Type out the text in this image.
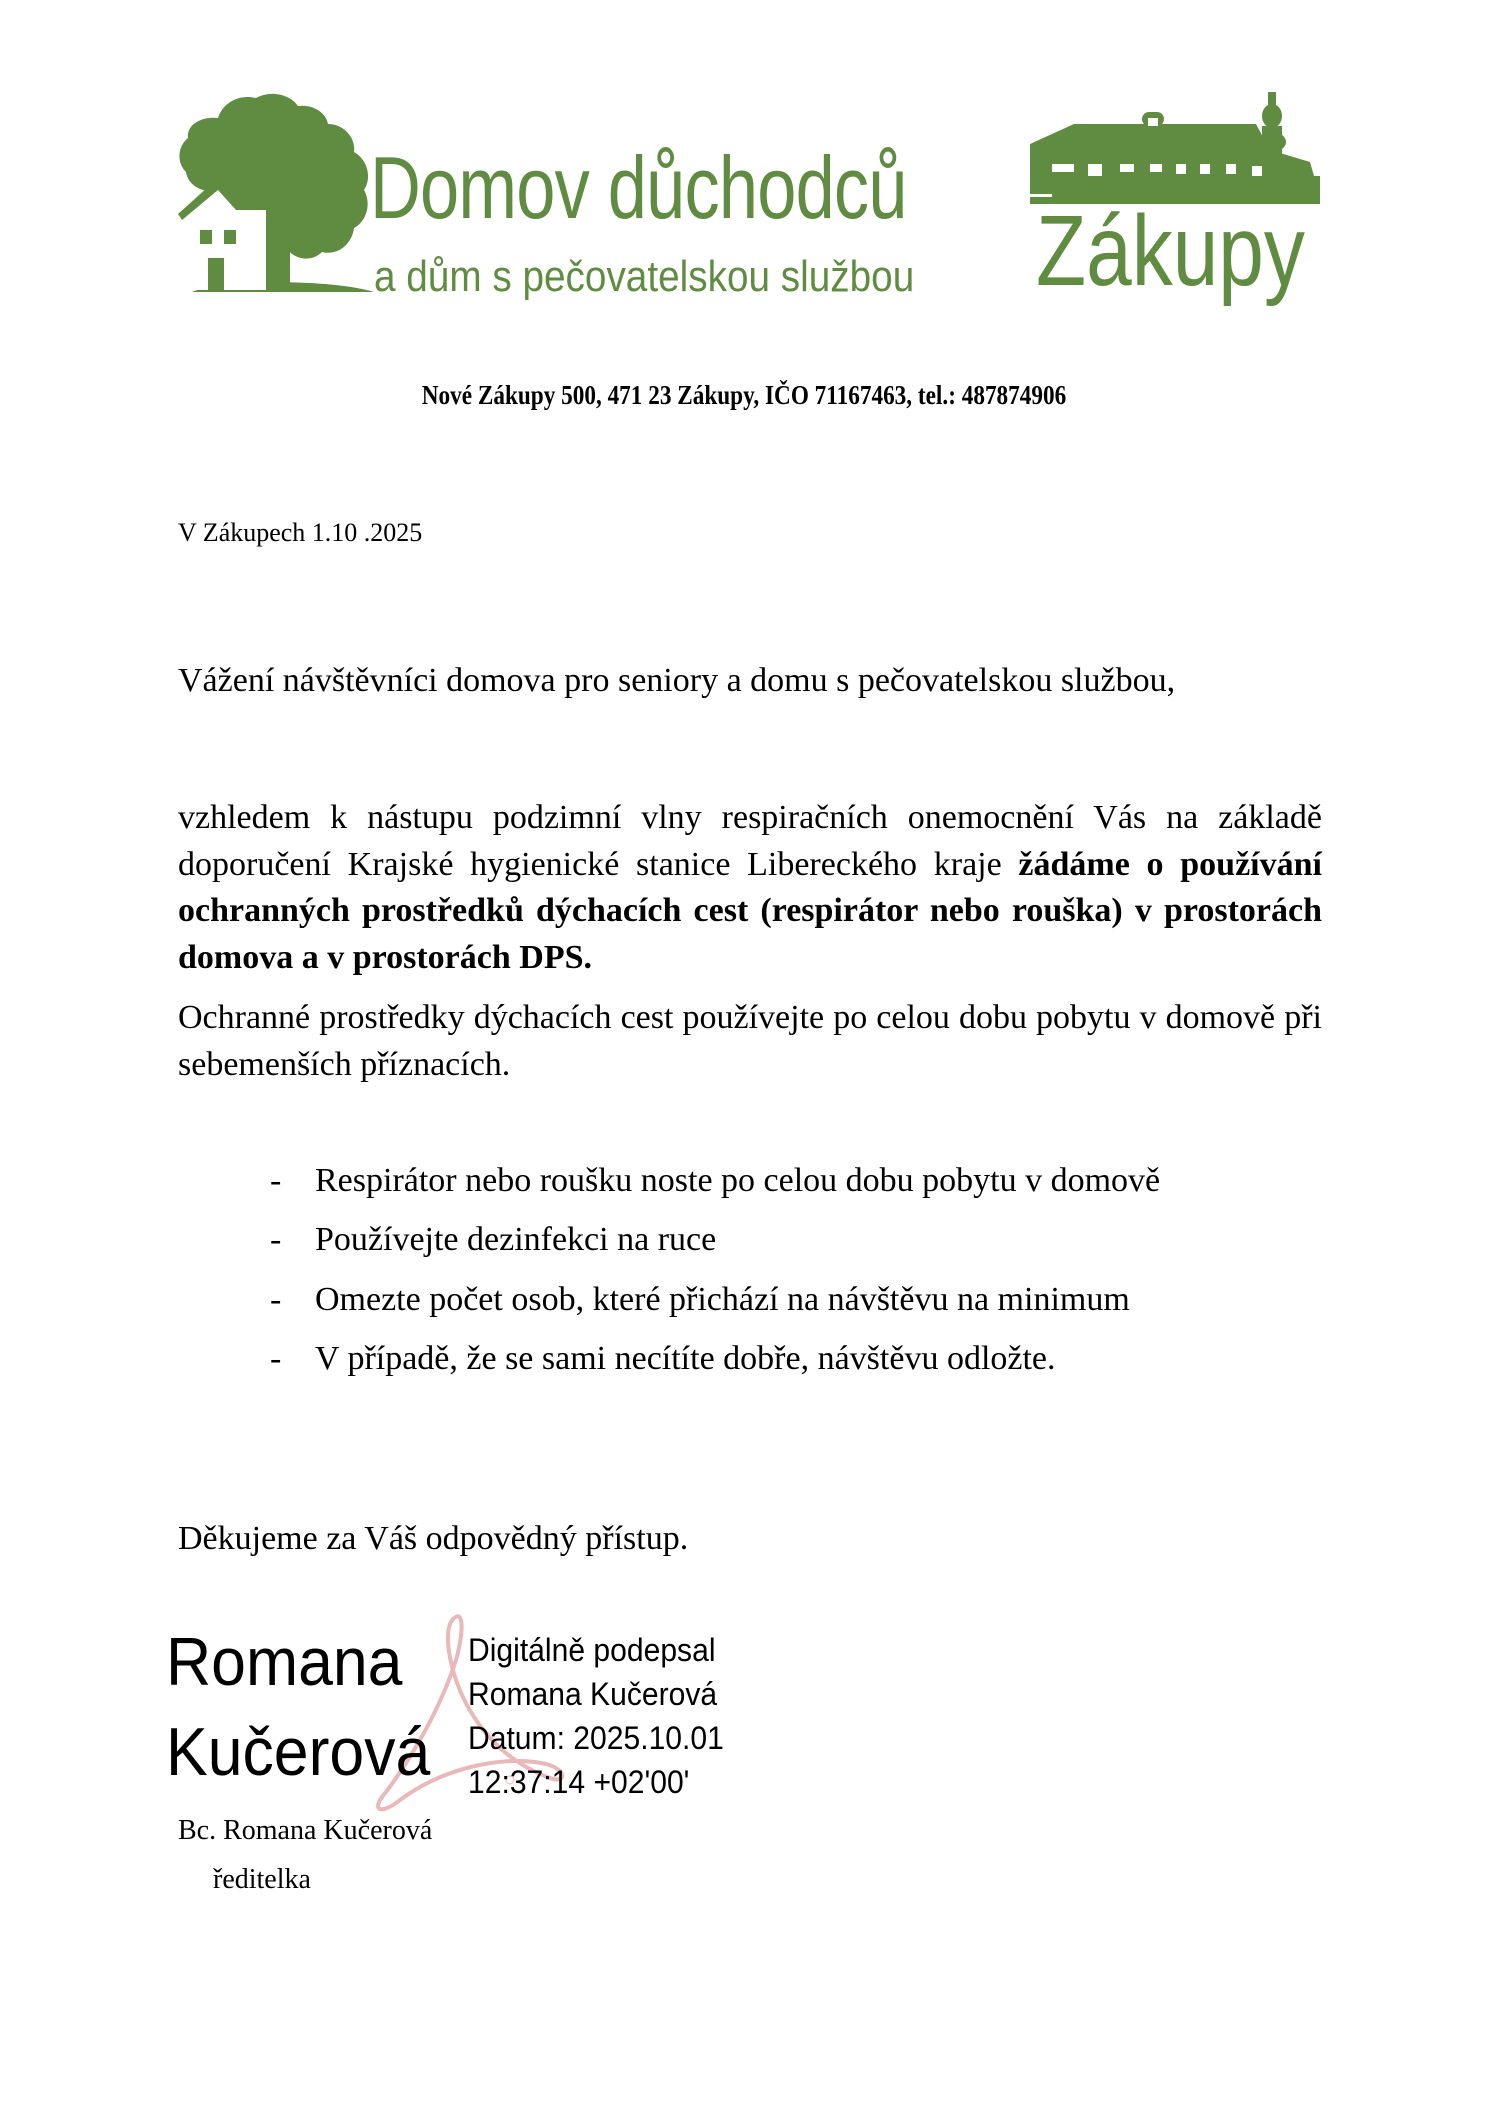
Domov důchodců
a dům s pečovatelskou službou Zákupy
Nové Zákupy 500, 471 23 Zákupy, IČO 71167463, tel.: 487874906
V Zákupech 1.10 .2025
Vážení návštěvníci domova pro seniory a domu s pečovatelskou službou,
vzhledem k nástupu podzimní vlny respiračních onemocnění Vás na základě doporučení Krajské hygienické stanice Libereckého kraje žádáme o používání ochranných prostředků dýchacích cest (respirátor nebo rouška) v prostorách domova a v prostorách DPS.
Ochranné prostředky dýchacích cest používejte po celou dobu pobytu v domově při sebemenších příznacích.
- Respirátor nebo roušku noste po celou dobu pobytu v domově
- Používejte dezinfekci na ruce
- Omezte počet osob, které přichází na návštěvu na minimum
- V případě, že se sami necítíte dobře, návštěvu odložte.
Děkujeme za Váš odpovědný přístup.
Romana
Kučerová
Digitálně podepsal
Romana Kučerová
Datum: 2025.10.01
12:37:14 +02'00'
Bc. Romana Kučerová
ředitelka
